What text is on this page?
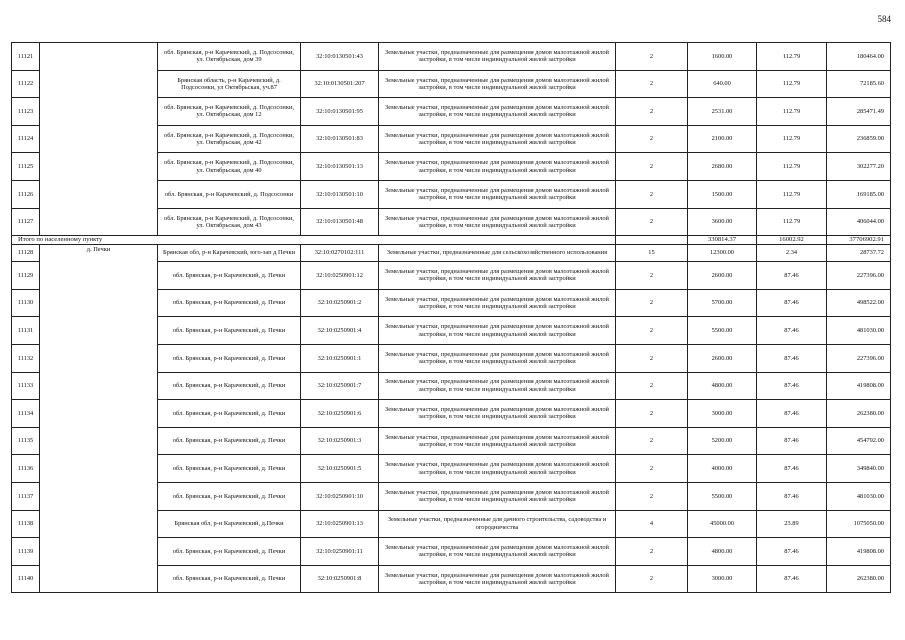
584
11121		обл. Брянская, р-н Карачевский, д. Подсосонки, ул. Октябрьская, дом 39	32:10:0130501:43	Земельные участки, предназначенные для размещения домов малоэтажной жилой застройки, в том числе индивидуальной жилой застройки	2	1600.00	112.79	180464.00
11122		Брянская область, р-н Карачевский, д. Подсосонки, ул Октябрьская, уч.87	32:10:0130501:207	Земельные участки, предназначенные для размещения домов малоэтажной жилой застройки, в том числе индивидуальной жилой застройки	2	640.00	112.79	72185.60
11123		обл. Брянская, р-н Карачевский, д. Подсосонки, ул. Октябрьская, дом 12	32:10:0130501:95	Земельные участки, предназначенные для размещения домов малоэтажной жилой застройки, в том числе индивидуальной жилой застройки	2	2531.00	112.79	285471.49
11124		обл. Брянская, р-н Карачевский, д. Подсосонки, ул. Октябрьская, дом 42	32:10:0130501:83	Земельные участки, предназначенные для размещения домов малоэтажной жилой застройки, в том числе индивидуальной жилой застройки	2	2100.00	112.79	236859.00
11125		обл. Брянская, р-н Карачевский, д. Подсосонки, ул. Октябрьская, дом 40	32:10:0130501:13	Земельные участки, предназначенные для размещения домов малоэтажной жилой застройки, в том числе индивидуальной жилой застройки	2	2680.00	112.79	302277.20
11126		обл. Брянская, р-н Карачевский, д. Подсосонки	32:10:0130501:10	Земельные участки, предназначенные для размещения домов малоэтажной жилой застройки, в том числе индивидуальной жилой застройки	2	1500.00	112.79	169185.00
11127		обл. Брянская, р-н Карачевский, д. Подсосонки, ул. Октябрьская, дом 43	32:10:0130501:48	Земельные участки, предназначенные для размещения домов малоэтажной жилой застройки, в том числе индивидуальной жилой застройки	2	3600.00	112.79	406044.00
Итого по населенному пункту						330814.37	16002.92	37706902.91
11128	д. Печки	Брянская обл, р-н Карачевский, юго-зап д Печки	32:10:0270102:111	Земельные участки, предназначенные для сельскохозяйственного использования	15	12300.00	2.34	28737.72
11129		обл. Брянская, р-н Карачевский, д. Печки	32:10:0250901:12	Земельные участки, предназначенные для размещения домов малоэтажной жилой застройки, в том числе индивидуальной жилой застройки	2	2600.00	87.46	227396.00
11130		обл. Брянская, р-н Карачевский, д. Печки	32:10:0250901:2	Земельные участки, предназначенные для размещения домов малоэтажной жилой застройки, в том числе индивидуальной жилой застройки	2	5700.00	87.46	498522.00
11131		обл. Брянская, р-н Карачевский, д. Печки	32:10:0250901:4	Земельные участки, предназначенные для размещения домов малоэтажной жилой застройки, в том числе индивидуальной жилой застройки	2	5500.00	87.46	481030.00
11132		обл. Брянская, р-н Карачевский, д. Печки	32:10:0250901:1	Земельные участки, предназначенные для размещения домов малоэтажной жилой застройки, в том числе индивидуальной жилой застройки	2	2600.00	87.46	227396.00
11133		обл. Брянская, р-н Карачевский, д. Печки	32:10:0250901:7	Земельные участки, предназначенные для размещения домов малоэтажной жилой застройки, в том числе индивидуальной жилой застройки	2	4800.00	87.46	419808.00
11134		обл. Брянская, р-н Карачевский, д. Печки	32:10:0250901:6	Земельные участки, предназначенные для размещения домов малоэтажной жилой застройки, в том числе индивидуальной жилой застройки	2	3000.00	87.46	262380.00
11135		обл. Брянская, р-н Карачевский, д. Печки	32:10:0250901:3	Земельные участки, предназначенные для размещения домов малоэтажной жилой застройки, в том числе индивидуальной жилой застройки	2	5200.00	87.46	454792.00
11136		обл. Брянская, р-н Карачевский, д. Печки	32:10:0250901:5	Земельные участки, предназначенные для размещения домов малоэтажной жилой застройки, в том числе индивидуальной жилой застройки	2	4000.00	87.46	349840.00
11137		обл. Брянская, р-н Карачевский, д. Печки	32:10:0250901:10	Земельные участки, предназначенные для размещения домов малоэтажной жилой застройки, в том числе индивидуальной жилой застройки	2	5500.00	87.46	481030.00
11138		Брянская обл, р-н Карачевский, д.Печки	32:10:0250901:13	Земельные участки, предназначенные для дачного строительства, садоводства и огородничества	4	45000.00	23.89	1075050.00
11139		обл. Брянская, р-н Карачевский, д. Печки	32:10:0250901:11	Земельные участки, предназначенные для размещения домов малоэтажной жилой застройки, в том числе индивидуальной жилой застройки	2	4800.00	87.46	419808.00
11140		обл. Брянская, р-н Карачевский, д. Печки	32:10:0250901:8	Земельные участки, предназначенные для размещения домов малоэтажной жилой застройки, в том числе индивидуальной жилой застройки	2	3000.00	87.46	262380.00
